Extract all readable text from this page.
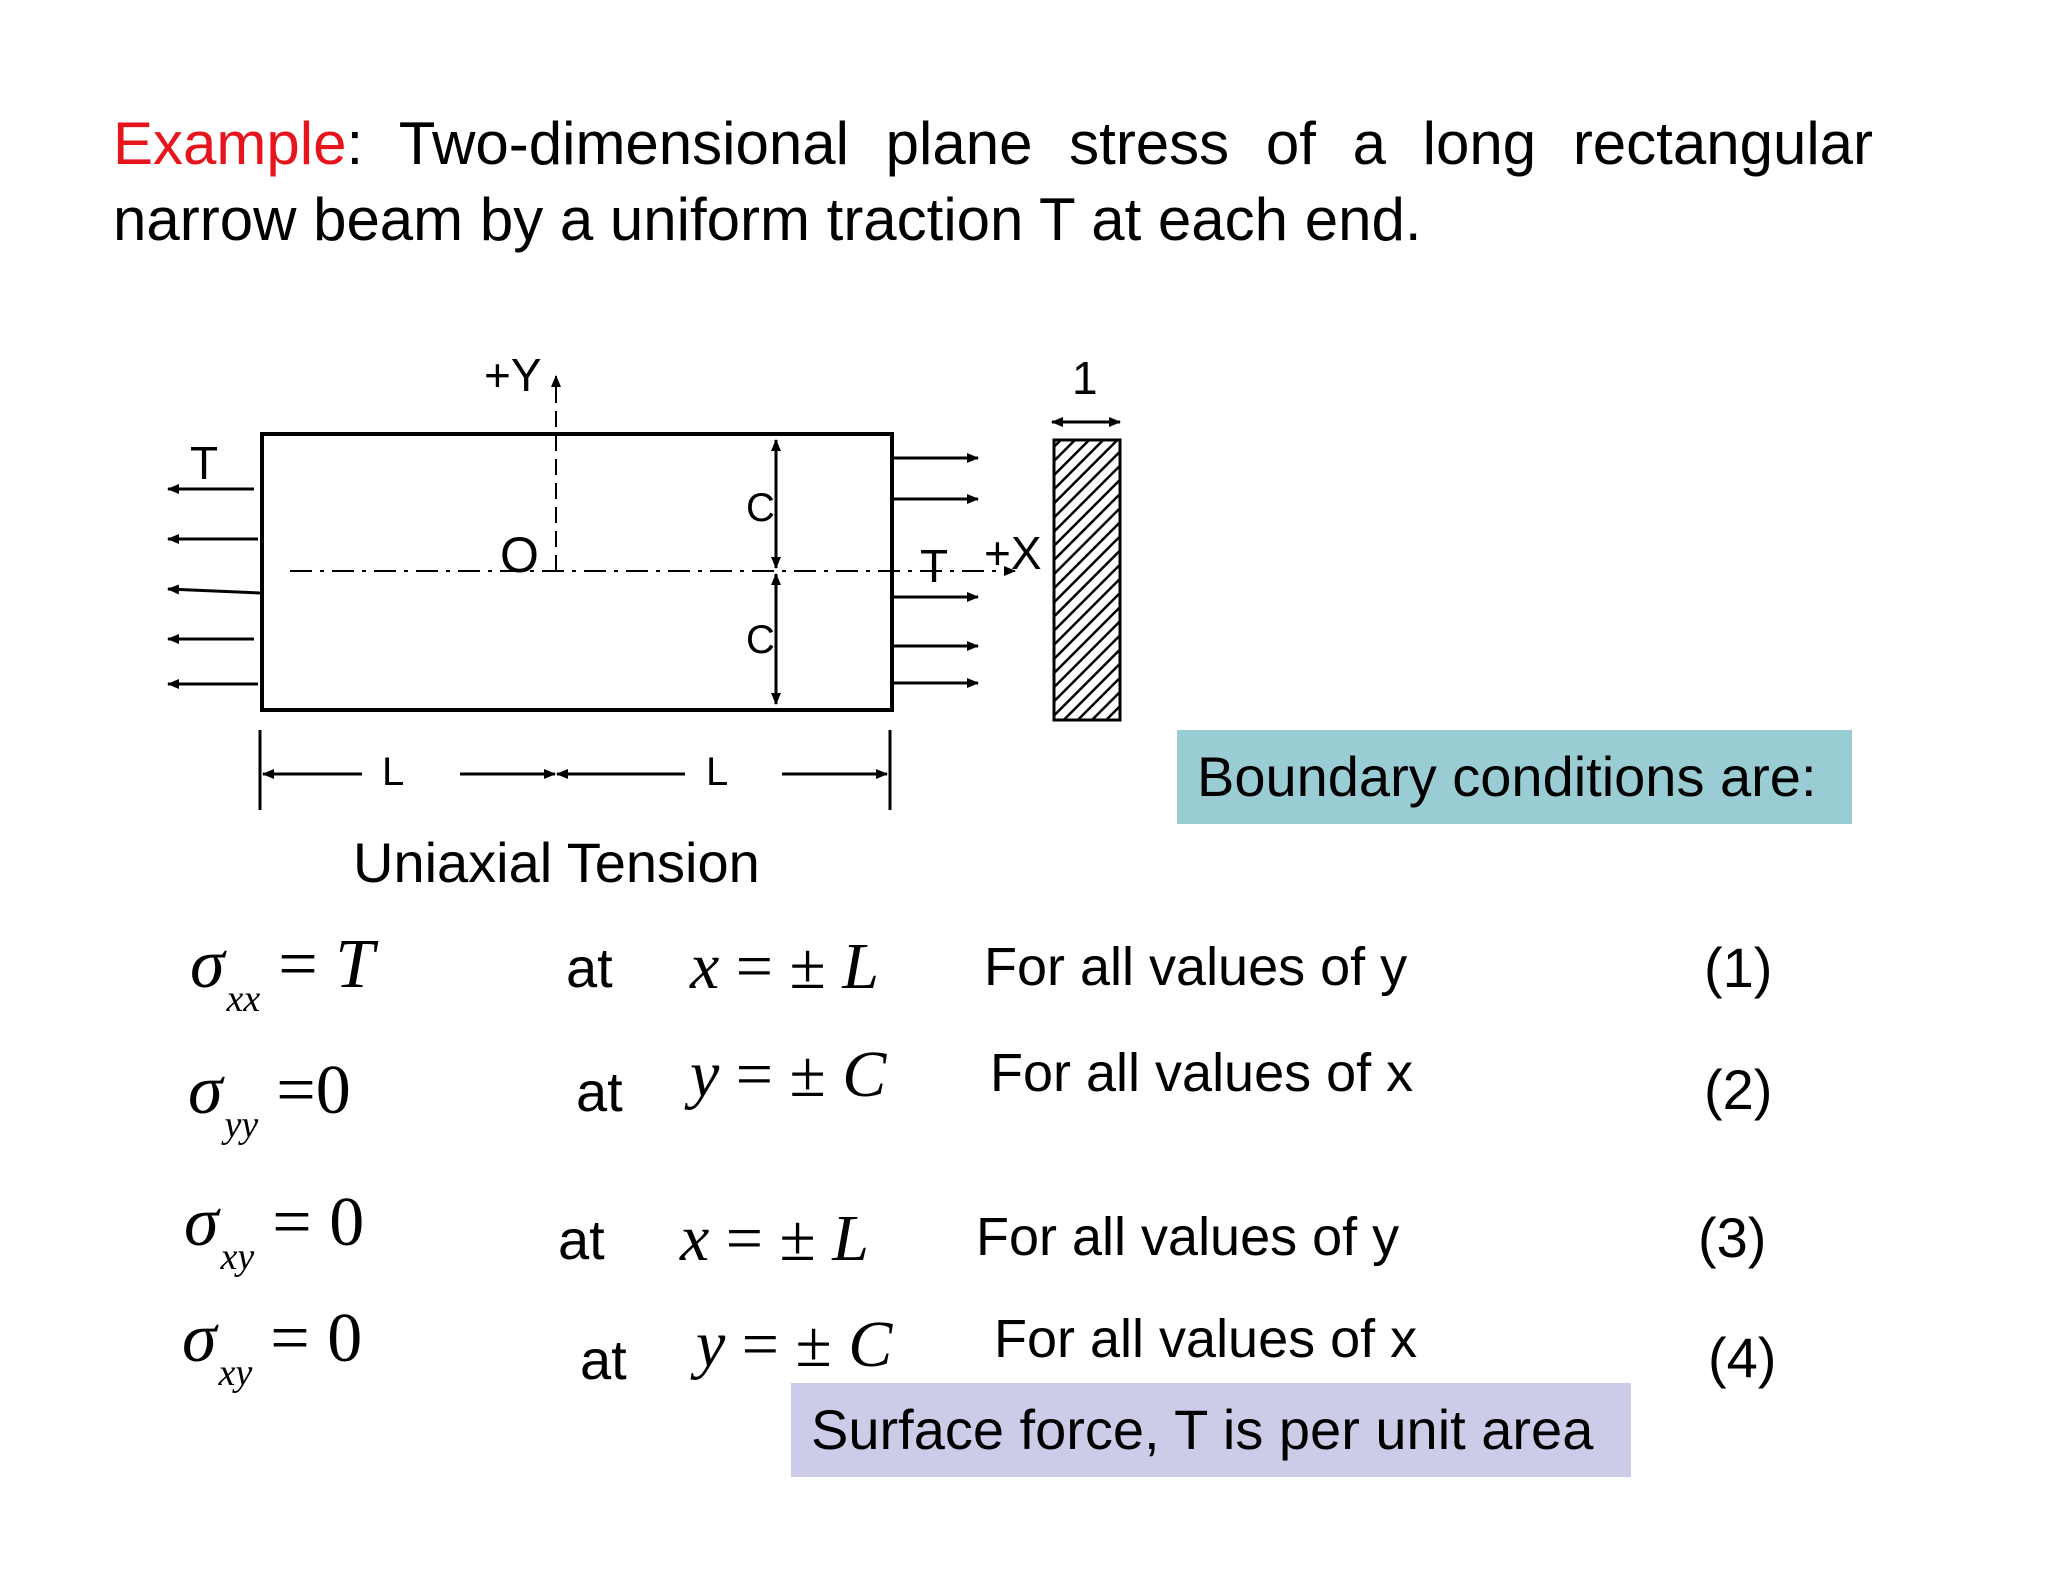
Example: Two-dimensional plane stress of a long rectangular narrow beam by a uniform traction T at each end.
+Y	1
T
T +X
O
C
C
L	L
Uniaxial Tension
Boundary conditions are:
$\sigma_{xx} = T$	at x = ± L For all values of y	(1)
$\sigma_{yy} =0$	at y = ± C For all values of x	(2)
$\sigma_{xy} = 0$	at x = ± L For all values of y	(3)
$\sigma_{xy} = 0$	at y = ± C For all values of x	(4)
Surface force, T is per unit area
